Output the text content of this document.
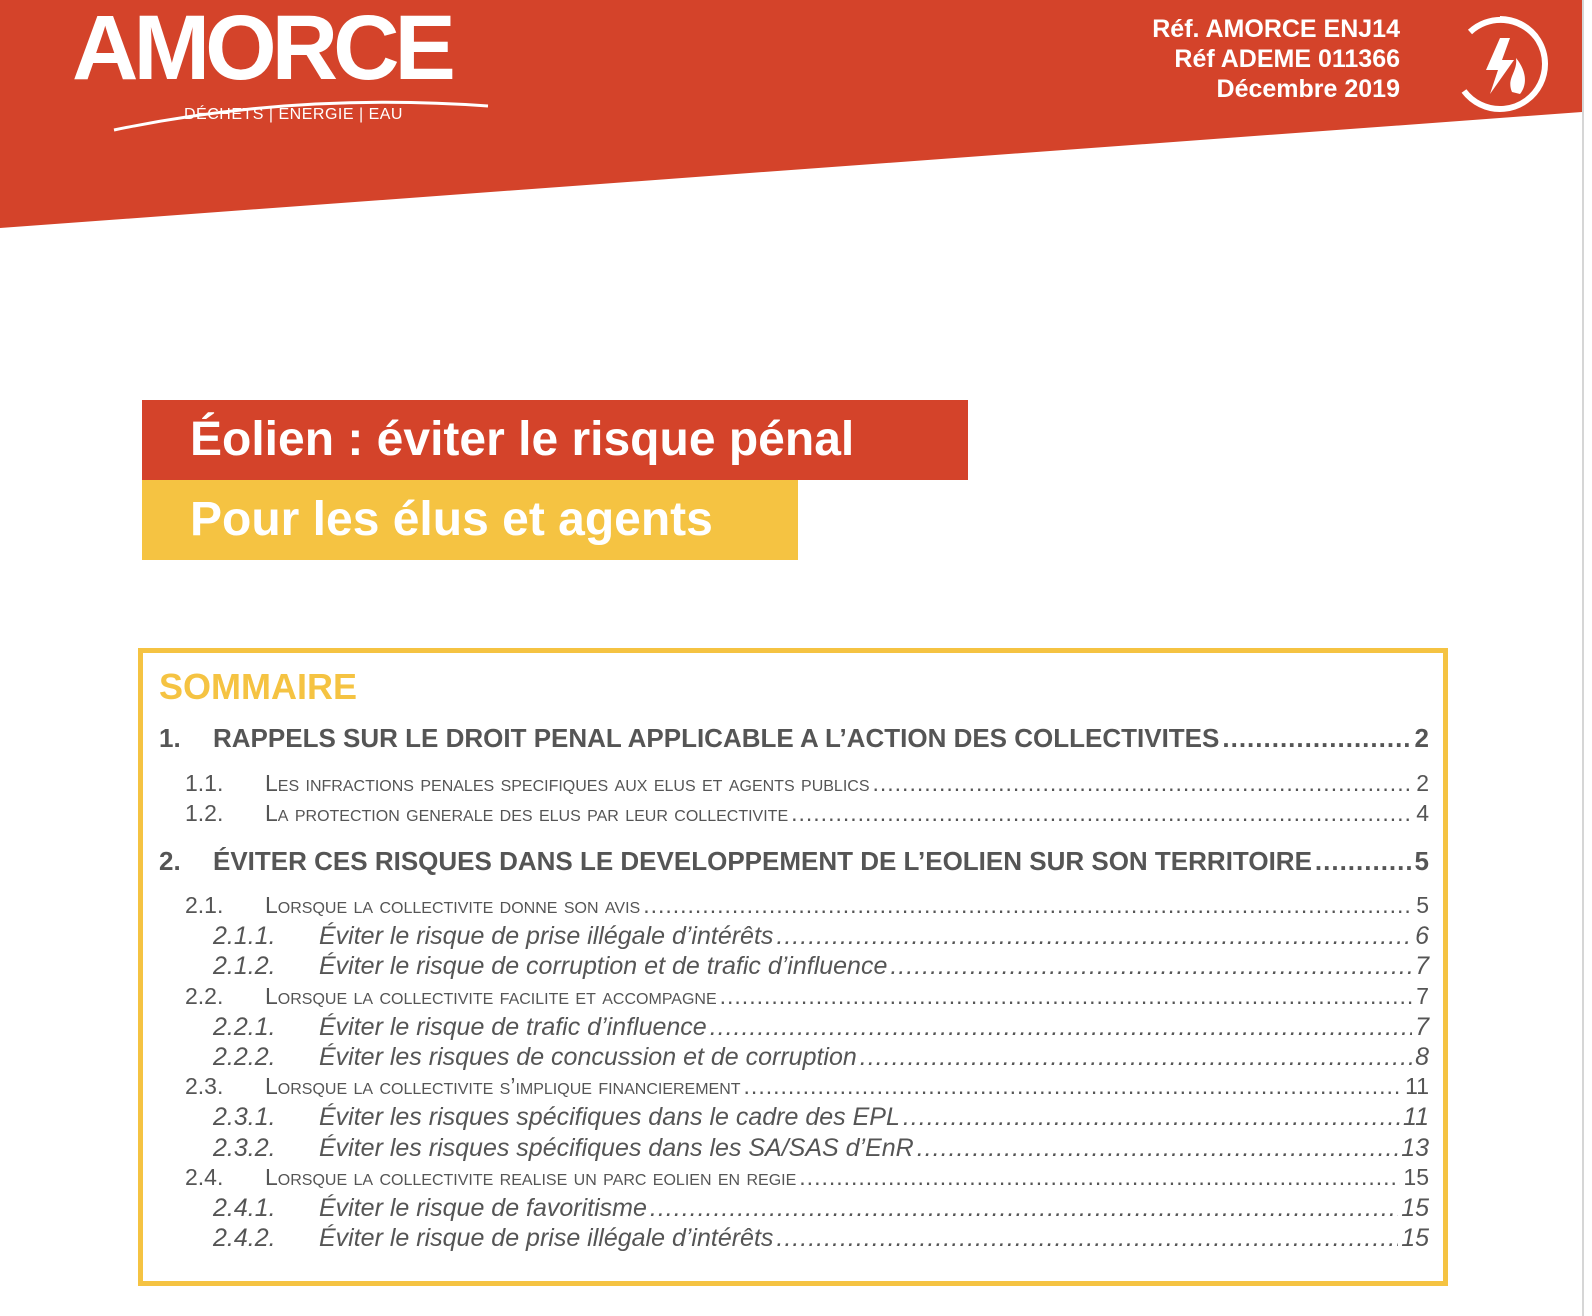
AMORCE
DÉCHETS | ÉNERGIE | EAU
Réf. AMORCE ENJ14
Réf ADEME 011366
Décembre 2019
Éolien : éviter le risque pénal
Pour les élus et agents
SOMMAIRE
1.	RAPPELS SUR LE DROIT PENAL APPLICABLE A L’ACTION DES COLLECTIVITES .....	2
1.1.	Les infractions penales specifiques aux elus et agents publics .....	2
1.2.	La protection generale des elus par leur collectivite .....	4
2.	ÉVITER CES RISQUES DANS LE DEVELOPPEMENT DE L’EOLIEN SUR SON TERRITOIRE .....	5
2.1.	Lorsque la collectivite donne son avis .....	5
2.1.1.	Éviter le risque de prise illégale d’intérêts .....	6
2.1.2.	Éviter le risque de corruption et de trafic d’influence .....	7
2.2.	Lorsque la collectivite facilite et accompagne .....	7
2.2.1.	Éviter le risque de trafic d’influence .....	7
2.2.2.	Éviter les risques de concussion et de corruption .....	8
2.3.	Lorsque la collectivite s’implique financierement .....	11
2.3.1.	Éviter les risques spécifiques dans le cadre des EPL .....	11
2.3.2.	Éviter les risques spécifiques dans les SA/SAS d’EnR .....	13
2.4.	Lorsque la collectivite realise un parc eolien en regie .....	15
2.4.1.	Éviter le risque de favoritisme .....	15
2.4.2.	Éviter le risque de prise illégale d’intérêts .....	15
